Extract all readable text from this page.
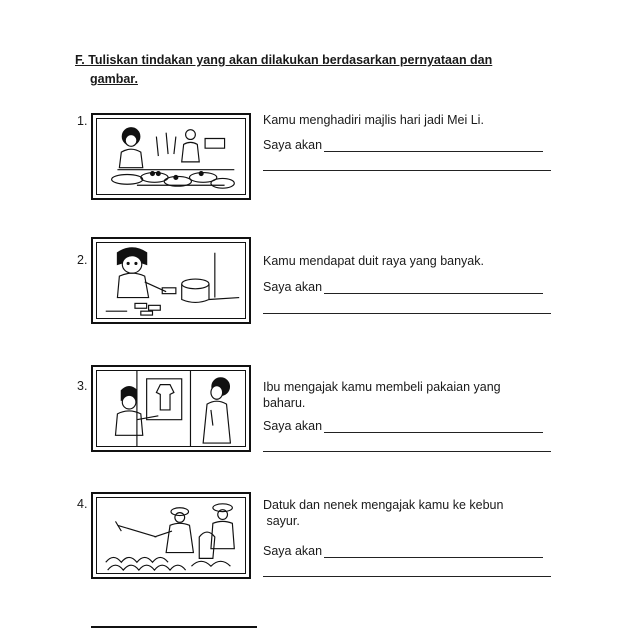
F. Tuliskan tindakan yang akan dilakukan berdasarkan pernyataan dan
gambar.
1.	Kamu menghadiri majlis hari jadi Mei Li.
Saya akan
2.	Kamu mendapat duit raya yang banyak.
Saya akan
3.	Ibu mengajak kamu membeli pakaian yang
baharu.
Saya akan
4.	Datuk dan nenek mengajak kamu ke kebun
sayur.
Saya akan
